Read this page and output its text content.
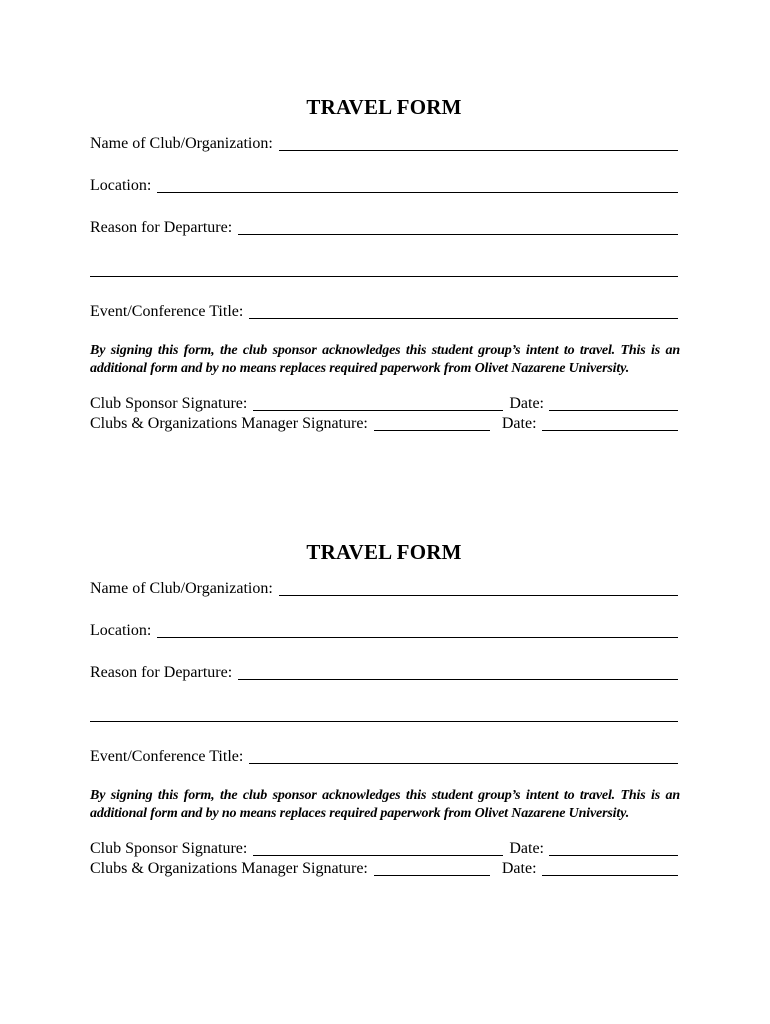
TRAVEL FORM
Name of Club/Organization:
Location:
Reason for Departure:
Event/Conference Title:
By signing this form, the club sponsor acknowledges this student group’s intent to travel. This is an additional form and by no means replaces required paperwork from Olivet Nazarene University.
Club Sponsor Signature:	Date:
Clubs & Organizations Manager Signature:	Date:
TRAVEL FORM
Name of Club/Organization:
Location:
Reason for Departure:
Event/Conference Title:
By signing this form, the club sponsor acknowledges this student group’s intent to travel. This is an additional form and by no means replaces required paperwork from Olivet Nazarene University.
Club Sponsor Signature:	Date:
Clubs & Organizations Manager Signature:	Date:
